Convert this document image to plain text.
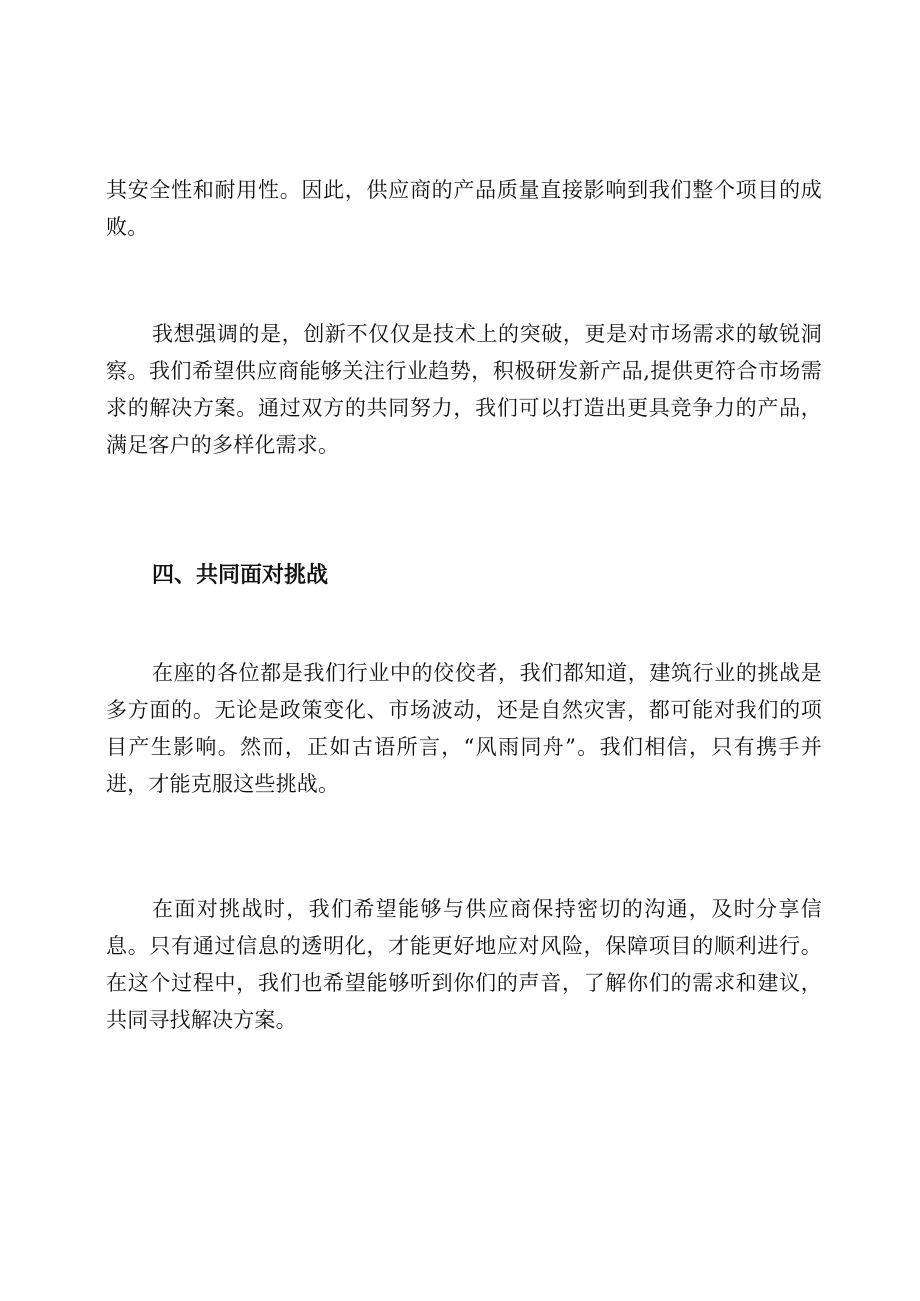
其安全性和耐用性。因此，供应商的产品质量直接影响到我们整个项目的成败。

我想强调的是，创新不仅仅是技术上的突破，更是对市场需求的敏锐洞察。我们希望供应商能够关注行业趋势，积极研发新产品,提供更符合市场需求的解决方案。通过双方的共同努力，我们可以打造出更具竞争力的产品，满足客户的多样化需求。

四、共同面对挑战

在座的各位都是我们行业中的佼佼者，我们都知道，建筑行业的挑战是多方面的。无论是政策变化、市场波动，还是自然灾害，都可能对我们的项目产生影响。然而，正如古语所言，“风雨同舟”。我们相信，只有携手并进，才能克服这些挑战。

在面对挑战时，我们希望能够与供应商保持密切的沟通，及时分享信息。只有通过信息的透明化，才能更好地应对风险，保障项目的顺利进行。在这个过程中，我们也希望能够听到你们的声音，了解你们的需求和建议，共同寻找解决方案。
